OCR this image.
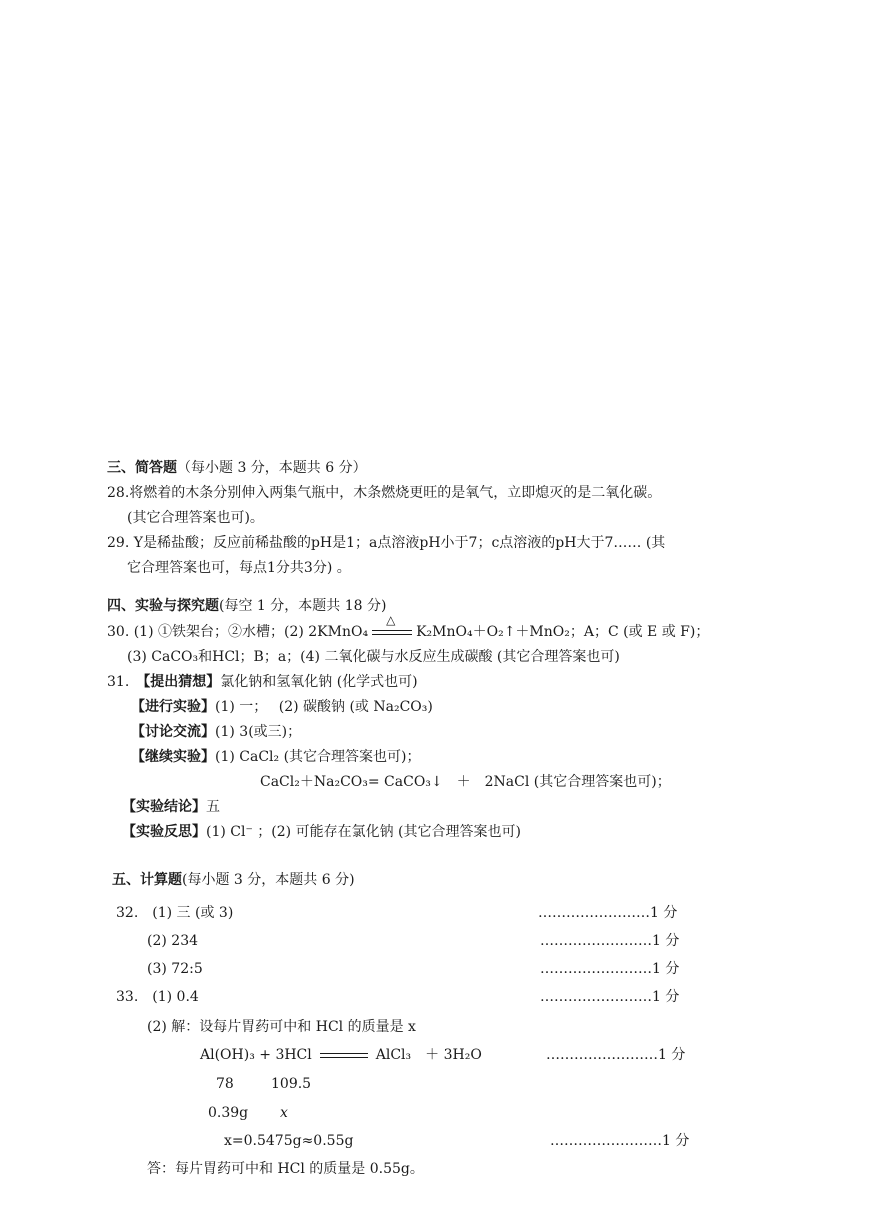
三、简答题（每小题 3 分，本题共 6 分）
28.将燃着的木条分别伸入两集气瓶中，木条燃烧更旺的是氧气，立即熄灭的是二氧化碳。
(其它合理答案也可)。
29. Y是稀盐酸；反应前稀盐酸的pH是1；a点溶液pH小于7；c点溶液的pH大于7…… (其
它合理答案也可，每点1分共3分) 。
四、实验与探究题(每空 1 分，本题共 18 分)
30. (1) ①铁架台；②水槽；(2) 2KMnO₄
△
K₂MnO₄＋O₂↑＋MnO₂；A；C (或 E 或 F)；
(3) CaCO₃和HCl；B；a；(4) 二氧化碳与水反应生成碳酸 (其它合理答案也可)
31.　 【提出猜想】氯化钠和氢氧化钠 (化学式也可)
【进行实验】(1) 一；　 (2) 碳酸钠 (或 Na₂CO₃)
【讨论交流】(1) 3(或三)；
【继续实验】(1) CaCl₂ (其它合理答案也可)；
CaCl₂＋Na₂CO₃= CaCO₃↓　＋　2NaCl (其它合理答案也可)；
【实验结论】五
【实验反思】(1) Cl⁻ ；(2) 可能存在氯化钠 (其它合理答案也可)
五、计算题(每小题 3 分，本题共 6 分)
32.　(1) 三 (或 3)	……………………1 分
(2) 234	……………………1 分
(3) 72:5	……………………1 分
33.　(1) 0.4	……………………1 分
(2) 解：设每片胃药可中和 HCl 的质量是 x
Al(OH)₃ + 3HCl	AlCl₃　＋ 3H₂O	……………………1 分
78	109.5
0.39g x
x=0.5475g≈0.55g	……………………1 分
答：每片胃药可中和 HCl 的质量是 0.55g。
